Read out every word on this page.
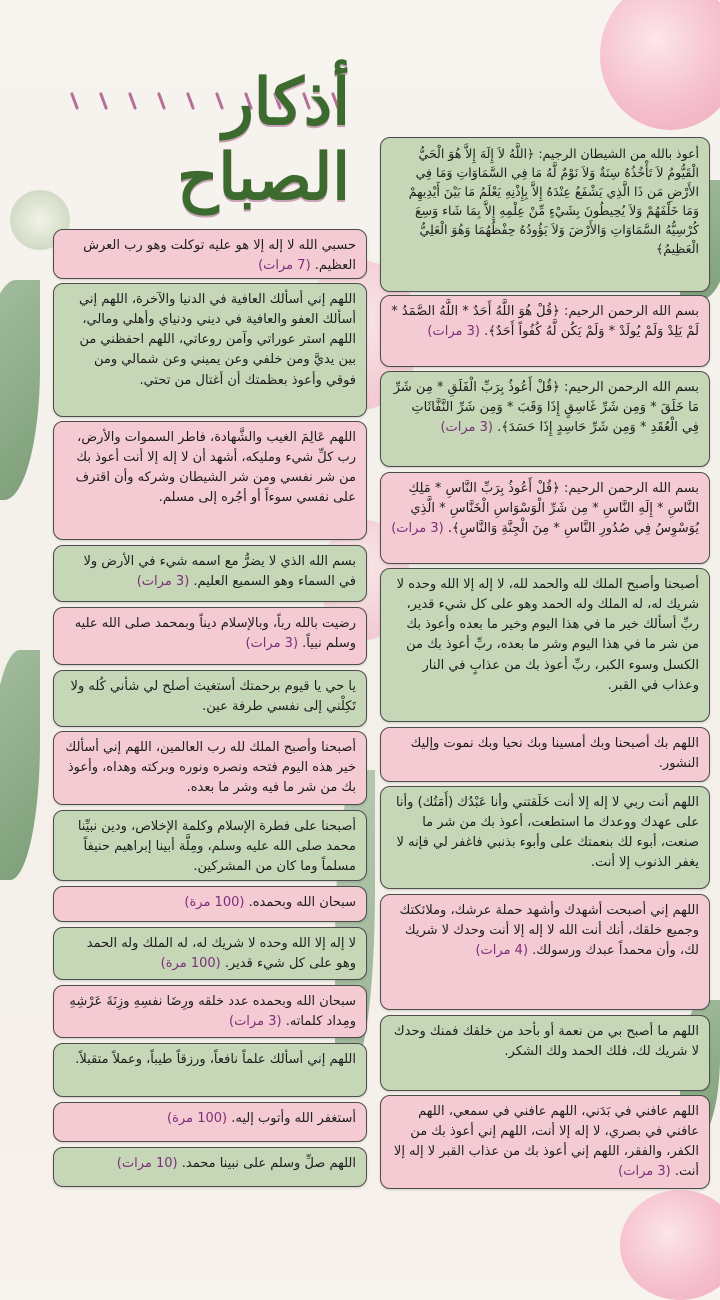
أذكار الصباح	أعوذ بالله من الشيطان الرجيم: ﴿اللَّهُ لاَ إِلَهَ إِلاَّ هُوَ الْحَيُّ الْقَيُّومُ لاَ تَأْخُذُهُ سِنَةٌ وَلاَ نَوْمٌ لَّهُ مَا فِي السَّمَاوَاتِ وَمَا فِي الأَرْضِ مَن ذَا الَّذِي يَشْفَعُ عِنْدَهُ إِلاَّ بِإِذْنِهِ يَعْلَمُ مَا بَيْنَ أَيْدِيهِمْ وَمَا خَلْفَهُمْ وَلاَ يُحِيطُونَ بِشَيْءٍ مِّنْ عِلْمِهِ إِلاَّ بِمَا شَاء وَسِعَ كُرْسِيُّهُ السَّمَاوَاتِ وَالأَرْضَ وَلاَ يَؤُودُهُ حِفْظُهُمَا وَهُوَ الْعَلِيُّ الْعَظِيمُ﴾
بسم الله الرحمن الرحيم: ﴿قُلْ هُوَ اللَّهُ أَحَدٌ * اللَّهُ الصَّمَدُ * لَمْ يَلِدْ وَلَمْ يُولَدْ * وَلَمْ يَكُن لَّهُ كُفُواً أَحَدٌ﴾. (3 مرات)
بسم الله الرحمن الرحيم: ﴿قُلْ أَعُوذُ بِرَبِّ الْفَلَقِ * مِن شَرِّ مَا خَلَقَ * وَمِن شَرِّ غَاسِقٍ إِذَا وَقَبَ * وَمِن شَرِّ النَّفَّاثَاتِ فِي الْعُقَدِ * وَمِن شَرِّ حَاسِدٍ إِذَا حَسَدَ﴾. (3 مرات)
بسم الله الرحمن الرحيم: ﴿قُلْ أَعُوذُ بِرَبِّ النَّاسِ * مَلِكِ النَّاسِ * إِلَهِ النَّاسِ * مِن شَرِّ الْوَسْوَاسِ الْخَنَّاسِ * الَّذِي يُوَسْوِسُ فِي صُدُورِ النَّاسِ * مِنَ الْجِنَّةِ وَالنَّاسِ﴾. (3 مرات)
أصبحنا وأصبح الملك لله والحمد لله، لا إله إلا الله وحده لا شريك له، له الملك وله الحمد وهو على كل شيء قدير، ربِّ أسألك خير ما في هذا اليوم وخير ما بعده وأعوذ بك من شر ما في هذا اليوم وشر ما بعده، ربِّ أعوذ بك من الكسل وسوء الكبر، ربِّ أعوذ بك من عذابٍ في النار وعذاب في القبر.
اللهم بك أصبحنا وبك أمسينا وبك نحيا وبك نموت وإليك النشور.
اللهم أنت ربي لا إله إلا أنت خَلَقتني وأنا عَبْدُك (أَمَتُك) وأنا على عهدك ووعدك ما استطعت، أعوذ بك من شر ما صنعت، أبوء لك بنعمتك على وأبوء بذنبي فاغفر لي فإنه لا يغفر الذنوب إلا أنت.
اللهم إني أصبحت أشهدك وأشهد حملة عرشك، وملائكتك وجميع خلقك، أنك أنت الله لا إله إلا أنت وحدك لا شريك لك، وأن محمداً عبدك ورسولك. (4 مرات)
اللهم ما أصبح بي من نعمة أو بأحد من خلقك فمنك وحدك لا شريك لك، فلك الحمد ولك الشكر.
اللهم عافني في بَدَني، اللهم عافني في سمعي، اللهم عافني في بصري، لا إله إلا أنت، اللهم إني أعوذ بك من الكفر، والفقر، اللهم إني أعوذ بك من عذاب القبر لا إله إلا أنت. (3 مرات)
حسبي الله لا إله إلا هو عليه توكلت وهو رب العرش العظيم. (7 مرات)
اللهم إني أسألك العافية في الدنيا والآخرة، اللهم إني أسألك العفو والعافية في ديني ودنياي وأهلي ومالي، اللهم استر عوراتي وآمن روعاتي، اللهم احفظني من بين يديَّ ومن خلفي وعن يميني وعن شمالي ومن فوقي وأعوذ بعظمتك أن أغتال من تحتي.
اللهم عَالِمَ الغيب والشَّهادة، فاطر السموات والأرض، رب كلِّ شيء ومليكه، أشهد أن لا إله إلا أنت أعوذ بك من شر نفسي ومن شر الشيطان وشركه وأن اقترف على نفسي سوءاً أو أجُره إلى مسلم.
بسم الله الذي لا يضرُّ مع اسمه شيء في الأرض ولا في السماء وهو السميع العليم. (3 مرات)
رضيت بالله رباً، وبالإسلام ديناً وبمحمد صلى الله عليه وسلم نبياً. (3 مرات)
يا حي يا قيوم برحمتك أستغيث أصلح لي شأني كُله ولا تَكِلْني إلى نفسي طرفة عين.
أصبحنا وأصبح الملك لله رب العالمين، اللهم إني أسألك خير هذه اليوم فتحه ونصره ونوره وبركته وهداه، وأعوذ بك من شر ما فيه وشر ما بعده.
أصبحنا على فطرة الإسلام وكلمة الإخلاص، ودين نبيِّنا محمد صلى الله عليه وسلم، ومِلَّة أبينا إبراهيم حنيفاً مسلماً وما كان من المشركين.
سبحان الله وبحمده. (100 مرة)
لا إله إلا الله وحده لا شريك له، له الملك وله الحمد وهو على كل شيء قدير. (100 مرة)
سبحان الله وبحمده عدد خلقه ورِضَا نفسِهِ وزِنَةَ عَرْشِهِ ومِداد كلماته. (3 مرات)
اللهم إني أسألك علماً نافعاً، ورزقاً طيباً، وعملاً متقبلاً.
أستغفر الله وأتوب إليه. (100 مرة)
اللهم صلِّ وسلم على نبينا محمد. (10 مرات)
